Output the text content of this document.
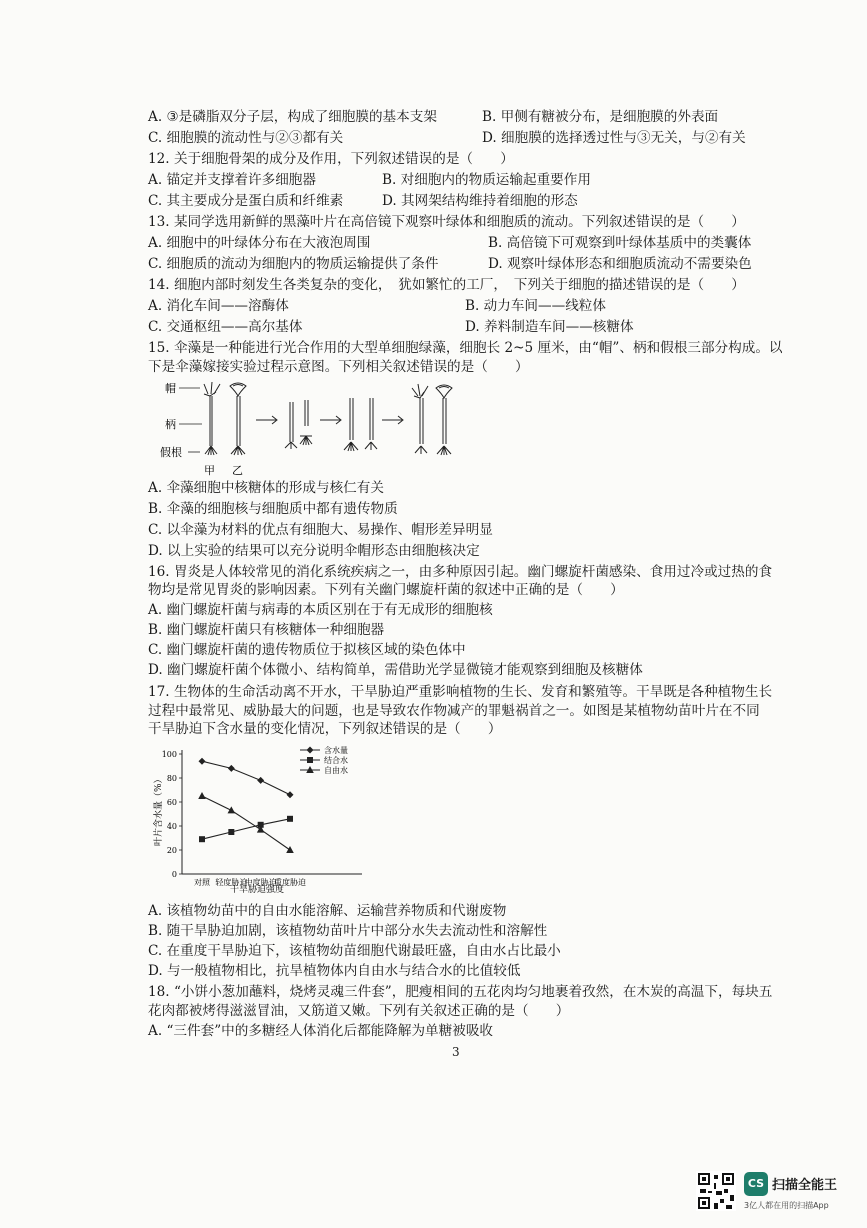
A. ③是磷脂双分子层，构成了细胞膜的基本支架	B. 甲侧有糖被分布，是细胞膜的外表面
C. 细胞膜的流动性与②③都有关	D. 细胞膜的选择透过性与③无关，与②有关
12. 关于细胞骨架的成分及作用，下列叙述错误的是（　　）
A. 锚定并支撑着许多细胞器	B. 对细胞内的物质运输起重要作用
C. 其主要成分是蛋白质和纤维素	D. 其网架结构维持着细胞的形态
13. 某同学选用新鲜的黑藻叶片在高倍镜下观察叶绿体和细胞质的流动。下列叙述错误的是（　　）
A. 细胞中的叶绿体分布在大液泡周围	B. 高倍镜下可观察到叶绿体基质中的类囊体
C. 细胞质的流动为细胞内的物质运输提供了条件	D. 观察叶绿体形态和细胞质流动不需要染色
14. 细胞内部时刻发生各类复杂的变化，　犹如繁忙的工厂，　下列关于细胞的描述错误的是（　　）
A. 消化车间——溶酶体	B. 动力车间——线粒体
C. 交通枢纽——高尔基体	D. 养料制造车间——核糖体
15. 伞藻是一种能进行光合作用的大型单细胞绿藻，细胞长 2~5 厘米，由“帽”、柄和假根三部分构成。以
下是伞藻嫁接实验过程示意图。下列相关叙述错误的是（　　）
帽
柄
假根
甲 乙
A. 伞藻细胞中核糖体的形成与核仁有关
B. 伞藻的细胞核与细胞质中都有遗传物质
C. 以伞藻为材料的优点有细胞大、易操作、帽形差异明显
D. 以上实验的结果可以充分说明伞帽形态由细胞核决定
16. 胃炎是人体较常见的消化系统疾病之一，由多种原因引起。幽门螺旋杆菌感染、食用过冷或过热的食
物均是常见胃炎的影响因素。下列有关幽门螺旋杆菌的叙述中正确的是（　　）
A. 幽门螺旋杆菌与病毒的本质区别在于有无成形的细胞核
B. 幽门螺旋杆菌只有核糖体一种细胞器
C. 幽门螺旋杆菌的遗传物质位于拟核区域的染色体中
D. 幽门螺旋杆菌个体微小、结构简单，需借助光学显微镜才能观察到细胞及核糖体
17. 生物体的生命活动离不开水，干旱胁迫严重影响植物的生长、发育和繁殖等。干旱既是各种植物生长
过程中最常见、威胁最大的问题，也是导致农作物减产的罪魁祸首之一。如图是某植物幼苗叶片在不同
干旱胁迫下含水量的变化情况，下列叙述错误的是（　　）
0
20
40
60
80
100
对照 轻度胁迫
中度胁迫
重度胁迫
含水量
结合水
自由水
叶片含水量（%）
干旱胁迫强度
A. 该植物幼苗中的自由水能溶解、运输营养物质和代谢废物
B. 随干旱胁迫加剧，该植物幼苗叶片中部分水失去流动性和溶解性
C. 在重度干旱胁迫下，该植物幼苗细胞代谢最旺盛，自由水占比最小
D. 与一般植物相比，抗旱植物体内自由水与结合水的比值较低
18. “小饼小葱加蘸料，烧烤灵魂三件套”，肥瘦相间的五花肉均匀地裹着孜然，在木炭的高温下，每块五
花肉都被烤得滋滋冒油，又筋道又嫩。下列有关叙述正确的是（　　）
A. “三件套”中的多糖经人体消化后都能降解为单糖被吸收
3
CS 扫描全能王
3亿人都在用的扫描App
